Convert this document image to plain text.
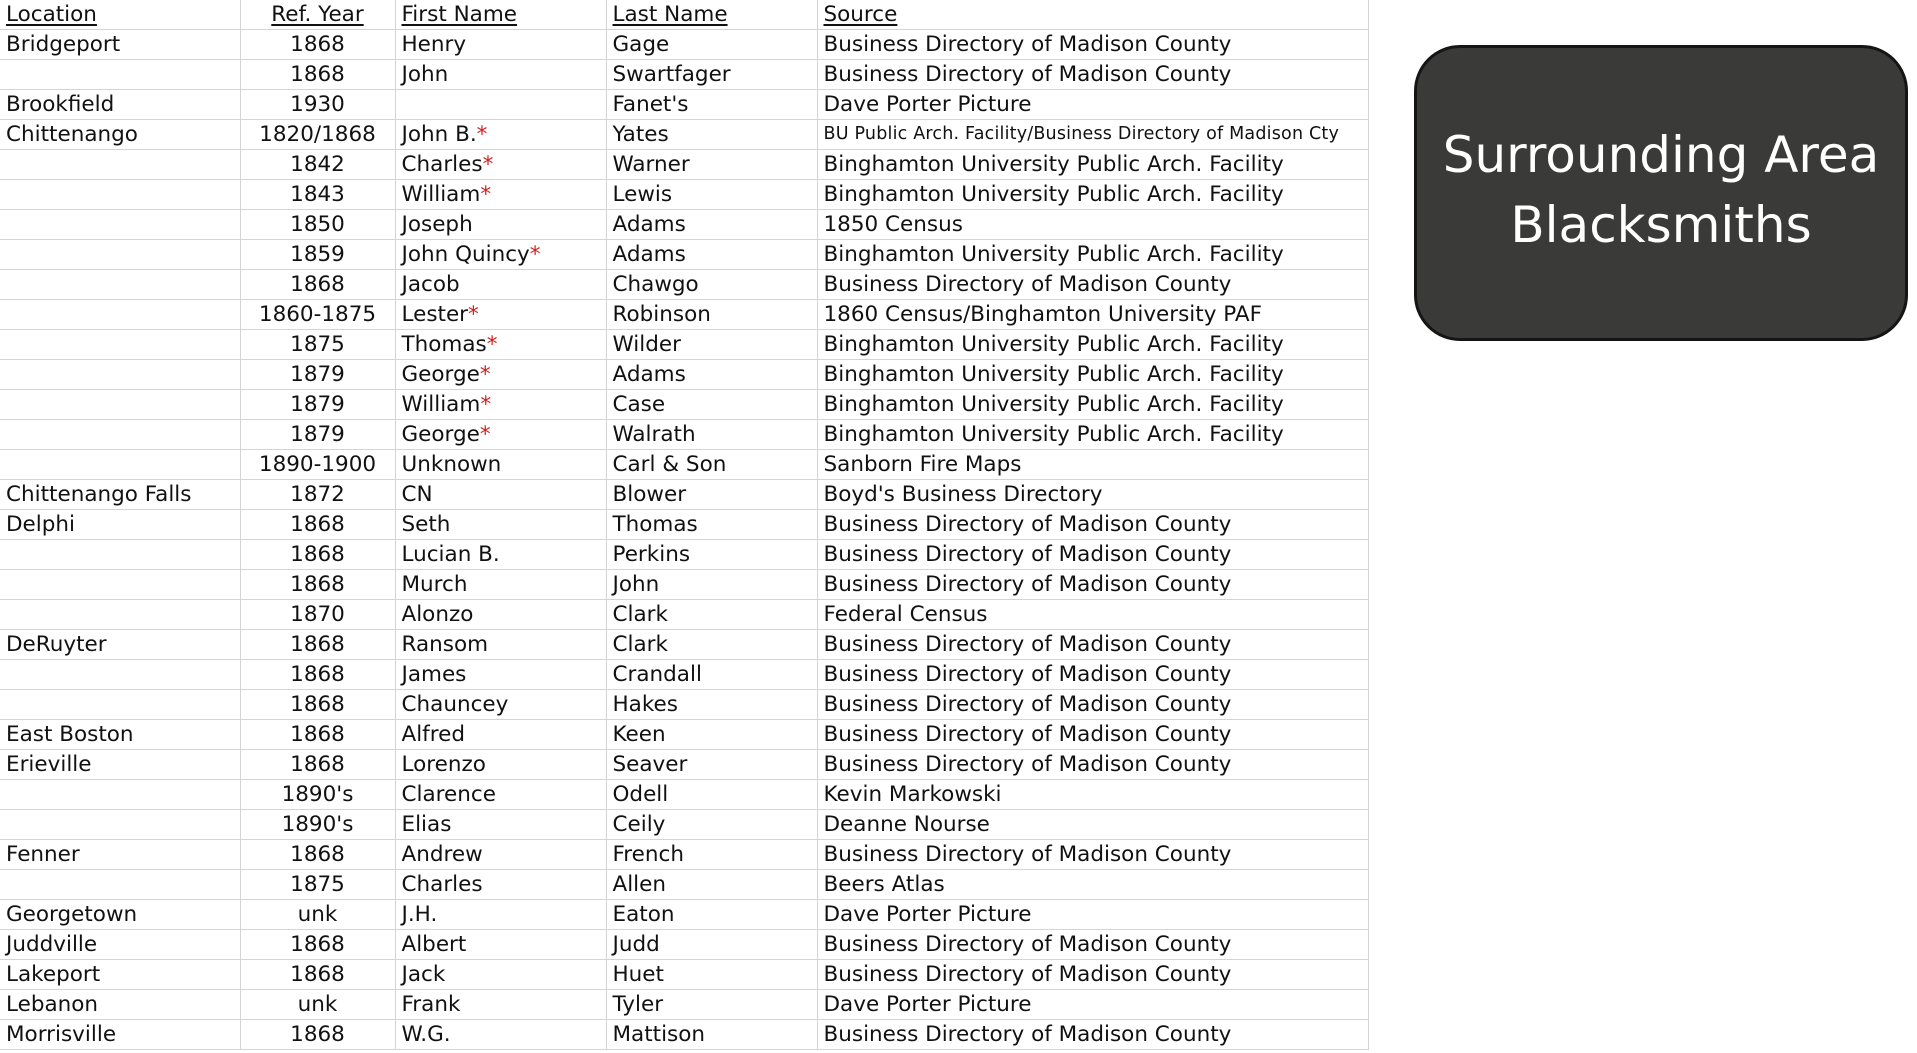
Location	Ref. Year	First Name	Last Name	Source
Bridgeport	1868	Henry	Gage	Business Directory of Madison County
	1868	John	Swartfager	Business Directory of Madison County
Brookfield	1930		Fanet's	Dave Porter Picture
Chittenango	1820/1868	John B.*	Yates	BU Public Arch. Facility/Business Directory of Madison Cty
	1842	Charles*	Warner	Binghamton University Public Arch. Facility
	1843	William*	Lewis	Binghamton University Public Arch. Facility
	1850	Joseph	Adams	1850 Census
	1859	John Quincy*	Adams	Binghamton University Public Arch. Facility
	1868	Jacob	Chawgo	Business Directory of Madison County
	1860-1875	Lester*	Robinson	1860 Census/Binghamton University PAF
	1875	Thomas*	Wilder	Binghamton University Public Arch. Facility
	1879	George*	Adams	Binghamton University Public Arch. Facility
	1879	William*	Case	Binghamton University Public Arch. Facility
	1879	George*	Walrath	Binghamton University Public Arch. Facility
	1890-1900	Unknown	Carl & Son	Sanborn Fire Maps
Chittenango Falls	1872	CN	Blower	Boyd's Business Directory
Delphi	1868	Seth	Thomas	Business Directory of Madison County
	1868	Lucian B.	Perkins	Business Directory of Madison County
	1868	Murch	John	Business Directory of Madison County
	1870	Alonzo	Clark	Federal Census
DeRuyter	1868	Ransom	Clark	Business Directory of Madison County
	1868	James	Crandall	Business Directory of Madison County
	1868	Chauncey	Hakes	Business Directory of Madison County
East Boston	1868	Alfred	Keen	Business Directory of Madison County
Erieville	1868	Lorenzo	Seaver	Business Directory of Madison County
	1890's	Clarence	Odell	Kevin Markowski
	1890's	Elias	Ceily	Deanne Nourse
Fenner	1868	Andrew	French	Business Directory of Madison County
	1875	Charles	Allen	Beers Atlas
Georgetown	unk	J.H.	Eaton	Dave Porter Picture
Juddville	1868	Albert	Judd	Business Directory of Madison County
Lakeport	1868	Jack	Huet	Business Directory of Madison County
Lebanon	unk	Frank	Tyler	Dave Porter Picture
Morrisville	1868	W.G.	Mattison	Business Directory of Madison County
Surrounding Area
Blacksmiths
